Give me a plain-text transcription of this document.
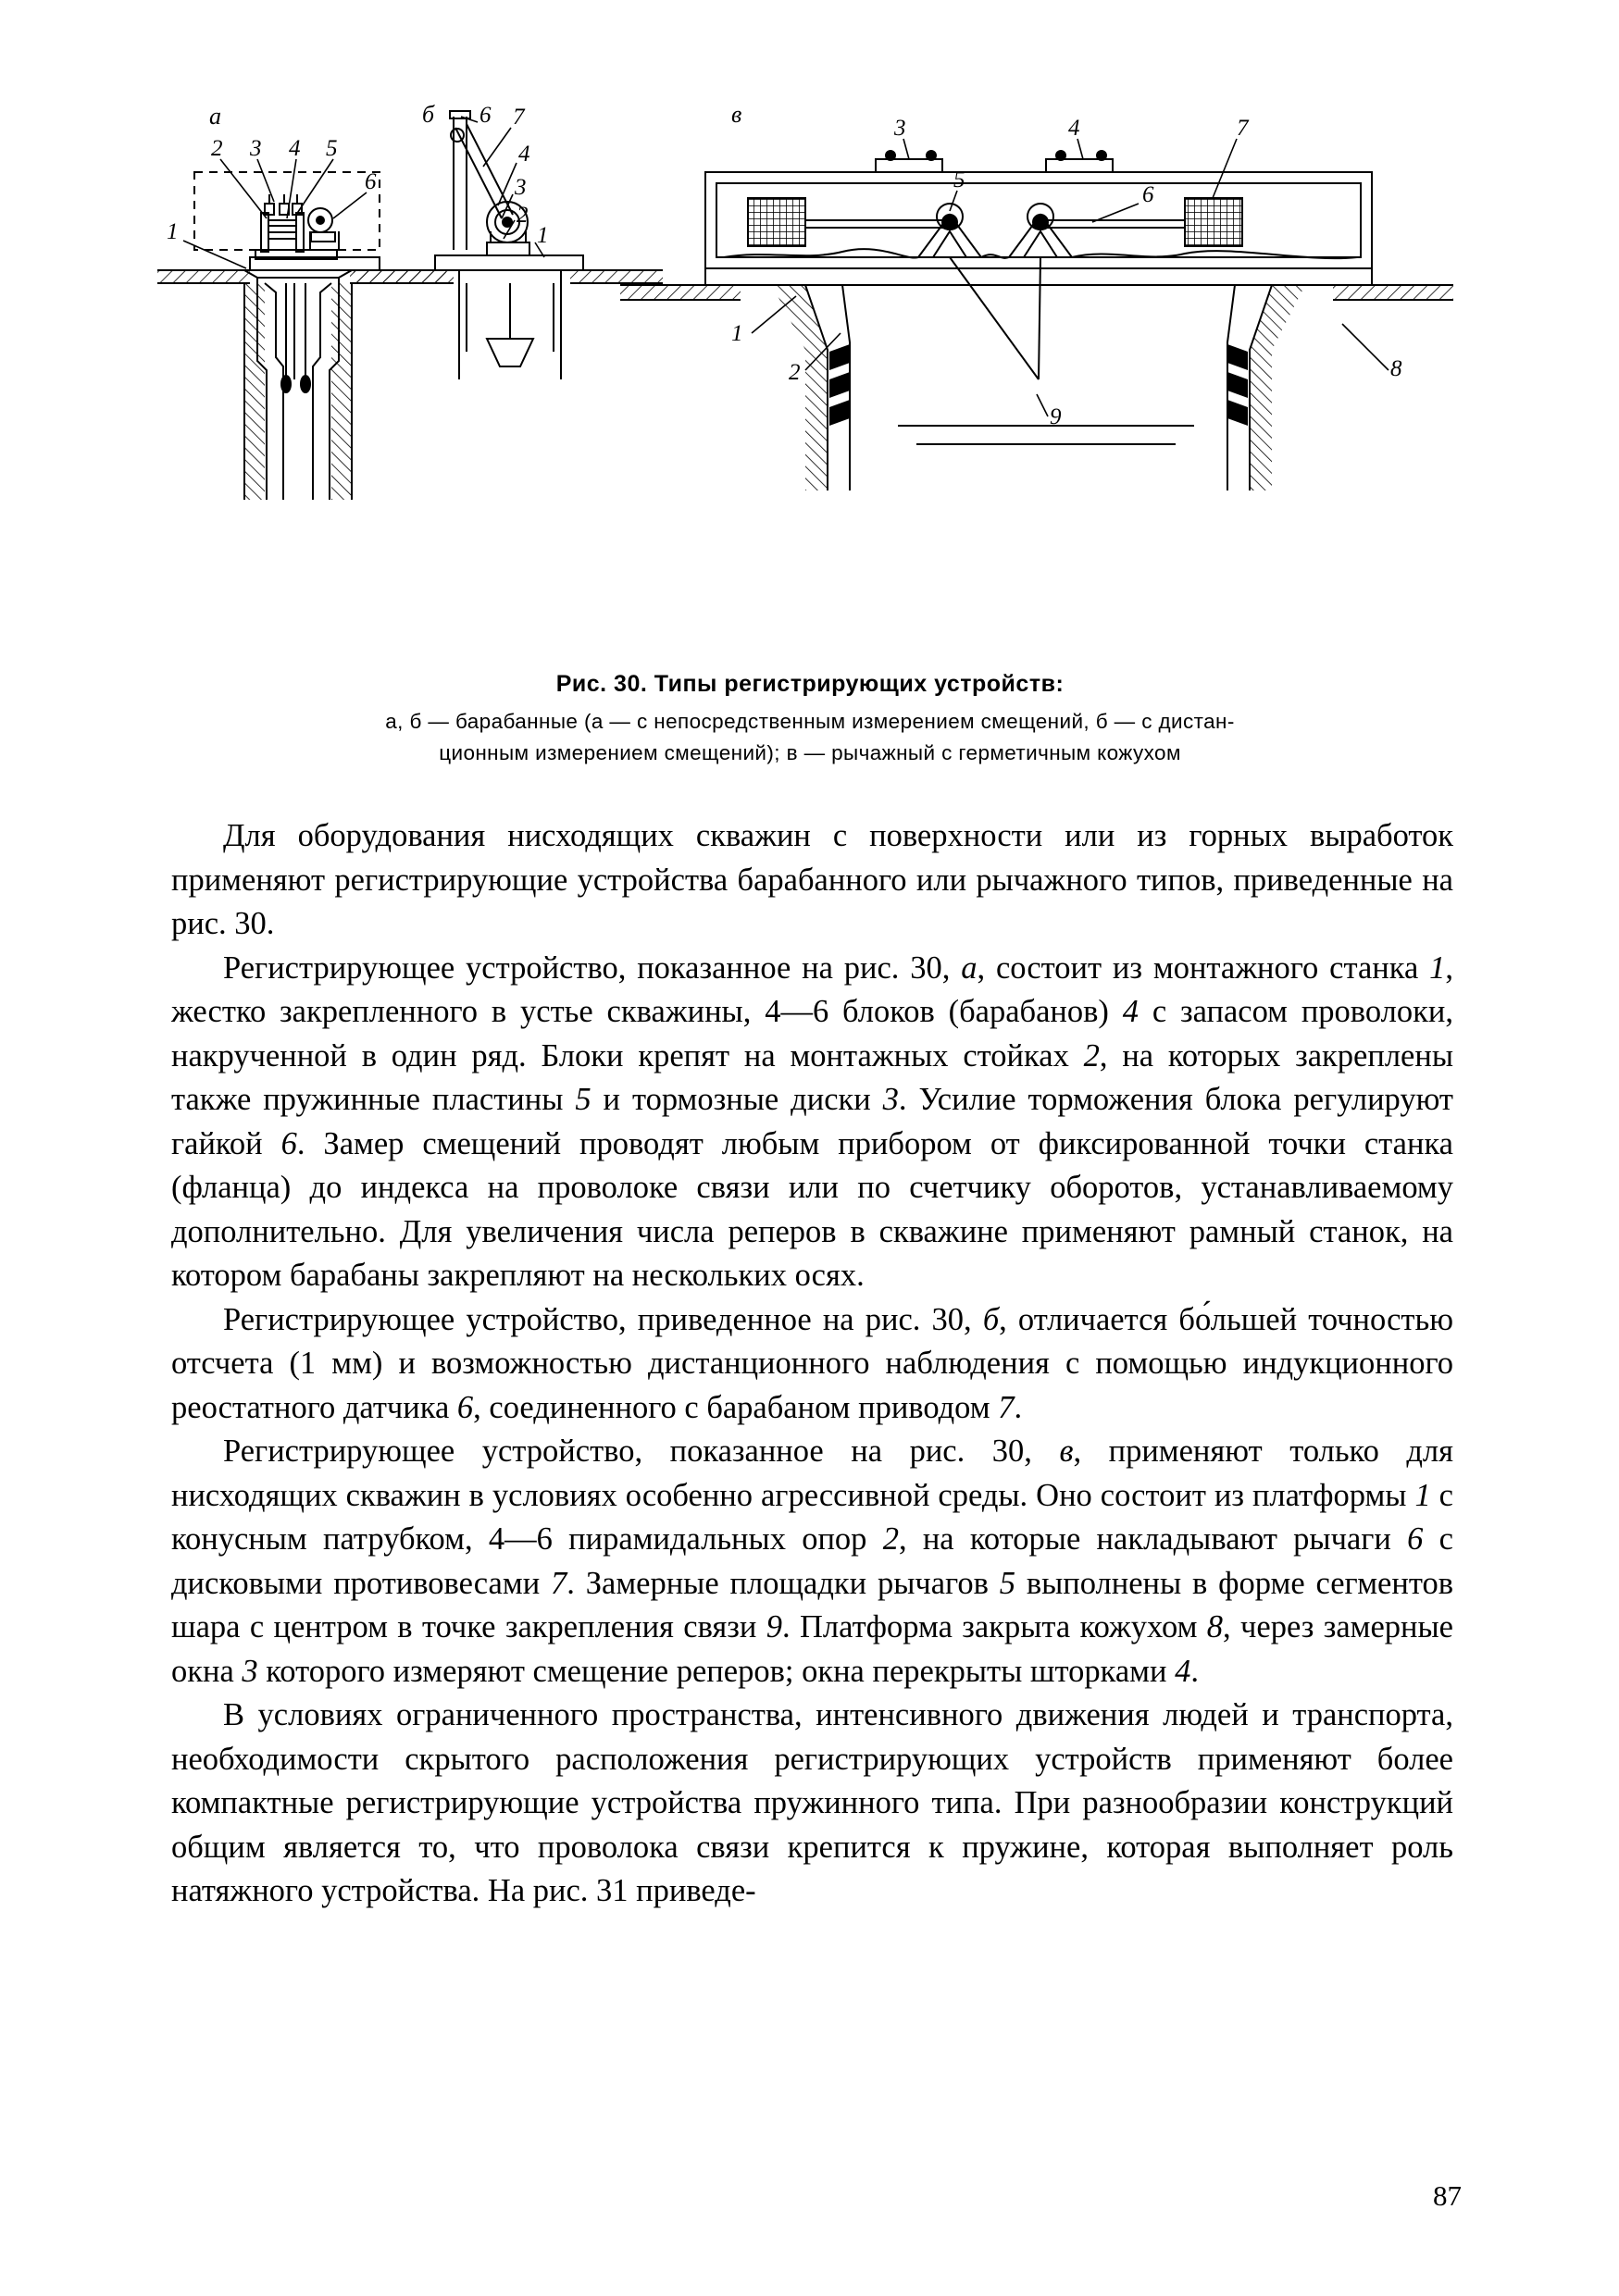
а
1
2 3 4 5
6
б 6 7
4
3
2
1
в
1
2
3	4
5
6
7
8
9
Рис. 30. Типы регистрирующих устройств:
а, б — барабанные (а — с непосредственным измерением смещений, б — с дистан-
ционным измерением смещений); в — рычажный с герметичным кожухом

Для оборудования нисходящих скважин с поверхности или из горных выработок применяют регистрирующие устройства барабанного или рычажного типов, приведенные на рис. 30.

Регистрирующее устройство, показанное на рис. 30, а, состоит из монтажного станка 1, жестко закрепленного в устье скважины, 4—6 блоков (барабанов) 4 с запасом проволоки, накрученной в один ряд. Блоки крепят на монтажных стойках 2, на которых закреплены также пружинные пластины 5 и тормозные диски 3. Усилие торможения блока регулируют гайкой 6. Замер смещений проводят любым прибором от фиксированной точки станка (фланца) до индекса на проволоке связи или по счетчику оборотов, устанавливаемому дополнительно. Для увеличения числа реперов в скважине применяют рамный станок, на котором барабаны закрепляют на нескольких осях.

Регистрирующее устройство, приведенное на рис. 30, б, отличается бо́льшей точностью отсчета (1 мм) и возможностью дистанционного наблюдения с помощью индукционного реостатного датчика 6, соединенного с барабаном приводом 7.

Регистрирующее устройство, показанное на рис. 30, в, применяют только для нисходящих скважин в условиях особенно агрессивной среды. Оно состоит из платформы 1 с конусным патрубком, 4—6 пирамидальных опор 2, на которые накладывают рычаги 6 с дисковыми противовесами 7. Замерные площадки рычагов 5 выполнены в форме сегментов шара с центром в точке закрепления связи 9. Платформа закрыта кожухом 8, через замерные окна 3 которого измеряют смещение реперов; окна перекрыты шторками 4.

В условиях ограниченного пространства, интенсивного движения людей и транспорта, необходимости скрытого расположения регистрирующих устройств применяют более компактные регистрирующие устройства пружинного типа. При разнообразии конструкций общим является то, что проволока связи крепится к пружине, которая выполняет роль натяжного устройства. На рис. 31 приведе-

87
